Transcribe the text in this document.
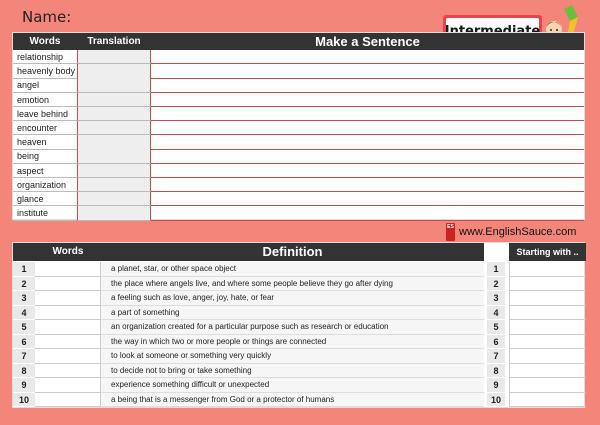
Name:
Words	Translation	Make a Sentence
relationship
heavenly body
angel
emotion
leave behind
encounter
heaven
being
aspect
organization
glance
institute
ES www.EnglishSauce.com
Words	Definition	Starting with ..
1	a planet, star, or other space object	1
2	the place where angels live, and where some people believe they go after dying	2
3	a feeling such as love, anger, joy, hate, or fear	3
4	a part of something	4
5	an organization created for a particular purpose such as research or education	5
6	the way in which two or more people or things are connected	6
7	to look at someone or something very quickly	7
8	to decide not to bring or take something	8
9	experience something difficult or unexpected	9
10	a being that is a messenger from God or a protector of humans	10
